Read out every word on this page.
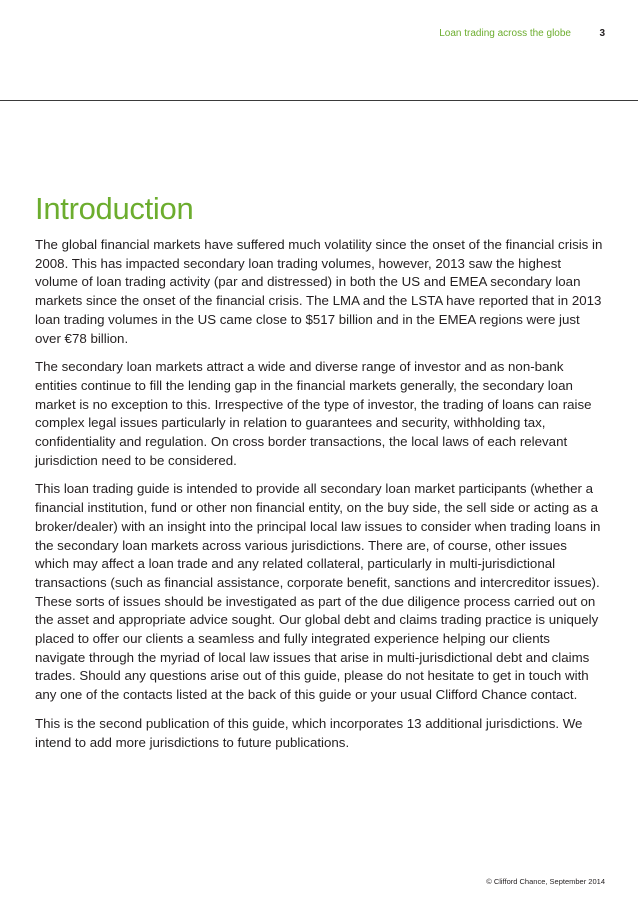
Loan trading across the globe	3
Introduction

The global financial markets have suffered much volatility since the onset of the financial crisis in 2008. This has impacted secondary loan trading volumes, however, 2013 saw the highest volume of loan trading activity (par and distressed) in both the US and EMEA secondary loan markets since the onset of the financial crisis. The LMA and the LSTA have reported that in 2013 loan trading volumes in the US came close to $517 billion and in the EMEA regions were just over €78 billion.

The secondary loan markets attract a wide and diverse range of investor and as non-bank entities continue to fill the lending gap in the financial markets generally, the secondary loan market is no exception to this. Irrespective of the type of investor, the trading of loans can raise complex legal issues particularly in relation to guarantees and security, withholding tax, confidentiality and regulation. On cross border transactions, the local laws of each relevant jurisdiction need to be considered.

This loan trading guide is intended to provide all secondary loan market participants (whether a financial institution, fund or other non financial entity, on the buy side, the sell side or acting as a broker/dealer) with an insight into the principal local law issues to consider when trading loans in the secondary loan markets across various jurisdictions. There are, of course, other issues which may affect a loan trade and any related collateral, particularly in multi-jurisdictional transactions (such as financial assistance, corporate benefit, sanctions and intercreditor issues). These sorts of issues should be investigated as part of the due diligence process carried out on the asset and appropriate advice sought. Our global debt and claims trading practice is uniquely placed to offer our clients a seamless and fully integrated experience helping our clients navigate through the myriad of local law issues that arise in multi-jurisdictional debt and claims trades. Should any questions arise out of this guide, please do not hesitate to get in touch with any one of the contacts listed at the back of this guide or your usual Clifford Chance contact.

This is the second publication of this guide, which incorporates 13 additional jurisdictions. We intend to add more jurisdictions to future publications.

© Clifford Chance, September 2014
